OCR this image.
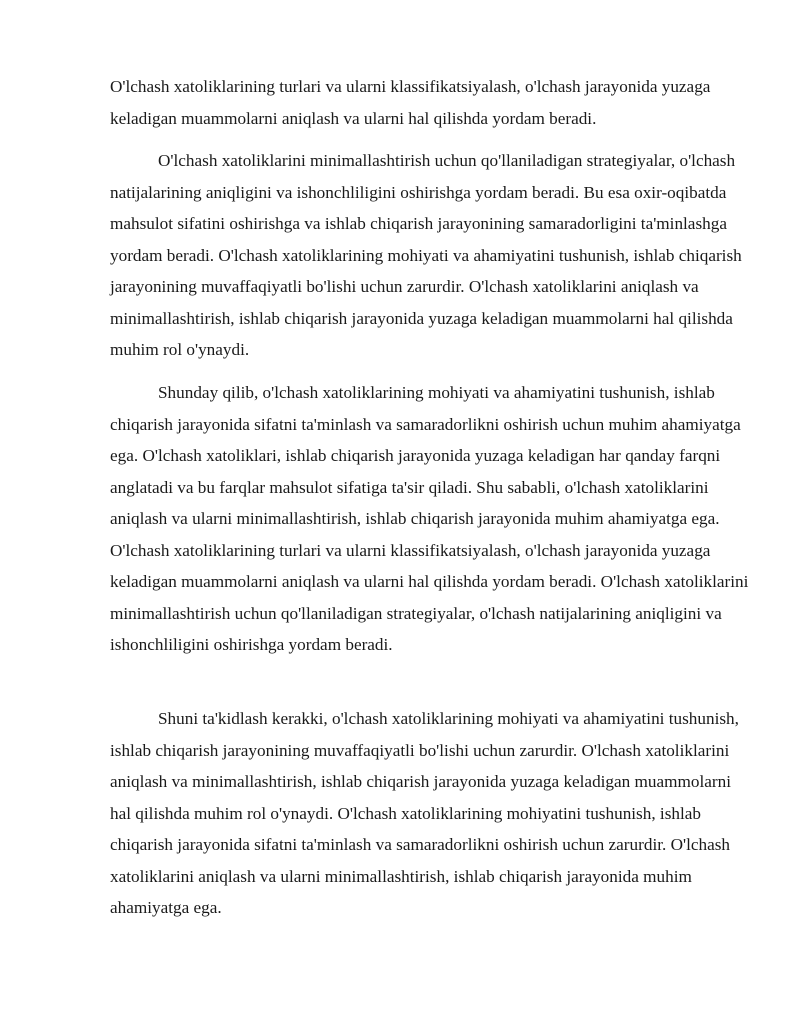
O'lchash xatoliklarining turlari va ularni klassifikatsiyalash, o'lchash jarayonida yuzaga keladigan muammolarni aniqlash va ularni hal qilishda yordam beradi.

O'lchash xatoliklarini minimallashtirish uchun qo'llaniladigan strategiyalar, o'lchash natijalarining aniqligini va ishonchliligini oshirishga yordam beradi. Bu esa oxir-oqibatda mahsulot sifatini oshirishga va ishlab chiqarish jarayonining samaradorligini ta'minlashga yordam beradi. O'lchash xatoliklarining mohiyati va ahamiyatini tushunish, ishlab chiqarish jarayonining muvaffaqiyatli bo'lishi uchun zarurdir. O'lchash xatoliklarini aniqlash va minimallashtirish, ishlab chiqarish jarayonida yuzaga keladigan muammolarni hal qilishda muhim rol o'ynaydi.

Shunday qilib, o'lchash xatoliklarining mohiyati va ahamiyatini tushunish, ishlab chiqarish jarayonida sifatni ta'minlash va samaradorlikni oshirish uchun muhim ahamiyatga ega. O'lchash xatoliklari, ishlab chiqarish jarayonida yuzaga keladigan har qanday farqni anglatadi va bu farqlar mahsulot sifatiga ta'sir qiladi. Shu sababli, o'lchash xatoliklarini aniqlash va ularni minimallashtirish, ishlab chiqarish jarayonida muhim ahamiyatga ega. O'lchash xatoliklarining turlari va ularni klassifikatsiyalash, o'lchash jarayonida yuzaga keladigan muammolarni aniqlash va ularni hal qilishda yordam beradi. O'lchash xatoliklarini minimallashtirish uchun qo'llaniladigan strategiyalar, o'lchash natijalarining aniqligini va ishonchliligini oshirishga yordam beradi.

Shuni ta'kidlash kerakki, o'lchash xatoliklarining mohiyati va ahamiyatini tushunish, ishlab chiqarish jarayonining muvaffaqiyatli bo'lishi uchun zarurdir. O'lchash xatoliklarini aniqlash va minimallashtirish, ishlab chiqarish jarayonida yuzaga keladigan muammolarni hal qilishda muhim rol o'ynaydi. O'lchash xatoliklarining mohiyatini tushunish, ishlab chiqarish jarayonida sifatni ta'minlash va samaradorlikni oshirish uchun zarurdir. O'lchash xatoliklarini aniqlash va ularni minimallashtirish, ishlab chiqarish jarayonida muhim ahamiyatga ega.
